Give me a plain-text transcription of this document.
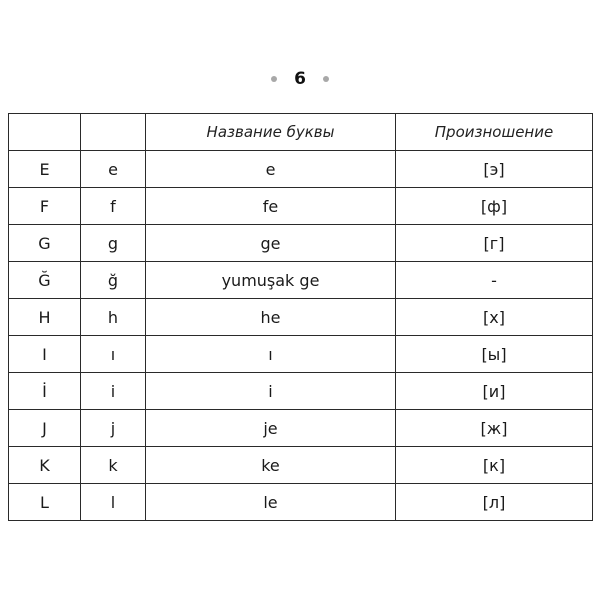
6
		Название буквы	Произношение
E	e	e	[э]
F	f	fe	[ф]
G	g	ge	[г]
Ğ	ğ	yumuşak ge	-
H	h	he	[х]
I	ı	ı	[ы]
İ	i	i	[и]
J	j	je	[ж]
K	k	ke	[к]
L	l	le	[л]
